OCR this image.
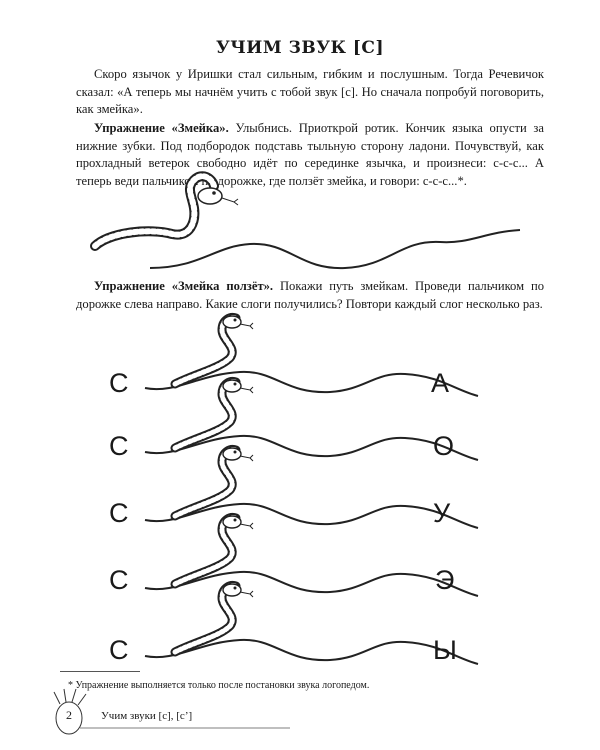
УЧИМ ЗВУК [С]

Скоро язычок у Иришки стал сильным, гибким и послушным. Тогда Речевичок сказал: «А теперь мы начнём учить с тобой звук [с]. Но сначала попробуй поговорить, как змейка».

Упражнение «Змейка». Улыбнись. Приоткрой ротик. Кончик языка опусти за нижние зубки. Под подбородок подставь тыльную сторону ладони. Почувствуй, как прохладный ветерок свободно идёт по серединке язычка, и произнеси: с-с-с... А теперь веди пальчиком по дорожке, где ползёт змейка, и говори: с-с-с...*.

Упражнение «Змейка ползёт». Покажи путь змейкам. Проведи пальчиком по дорожке слева направо. Какие слоги получились? Повтори каждый слог несколько раз.

С	А
С	О
С	У
С	Э
С	Ы
* Упражнение выполняется только после постановки звука логопедом.
2	Учим звуки [с], [с’]
